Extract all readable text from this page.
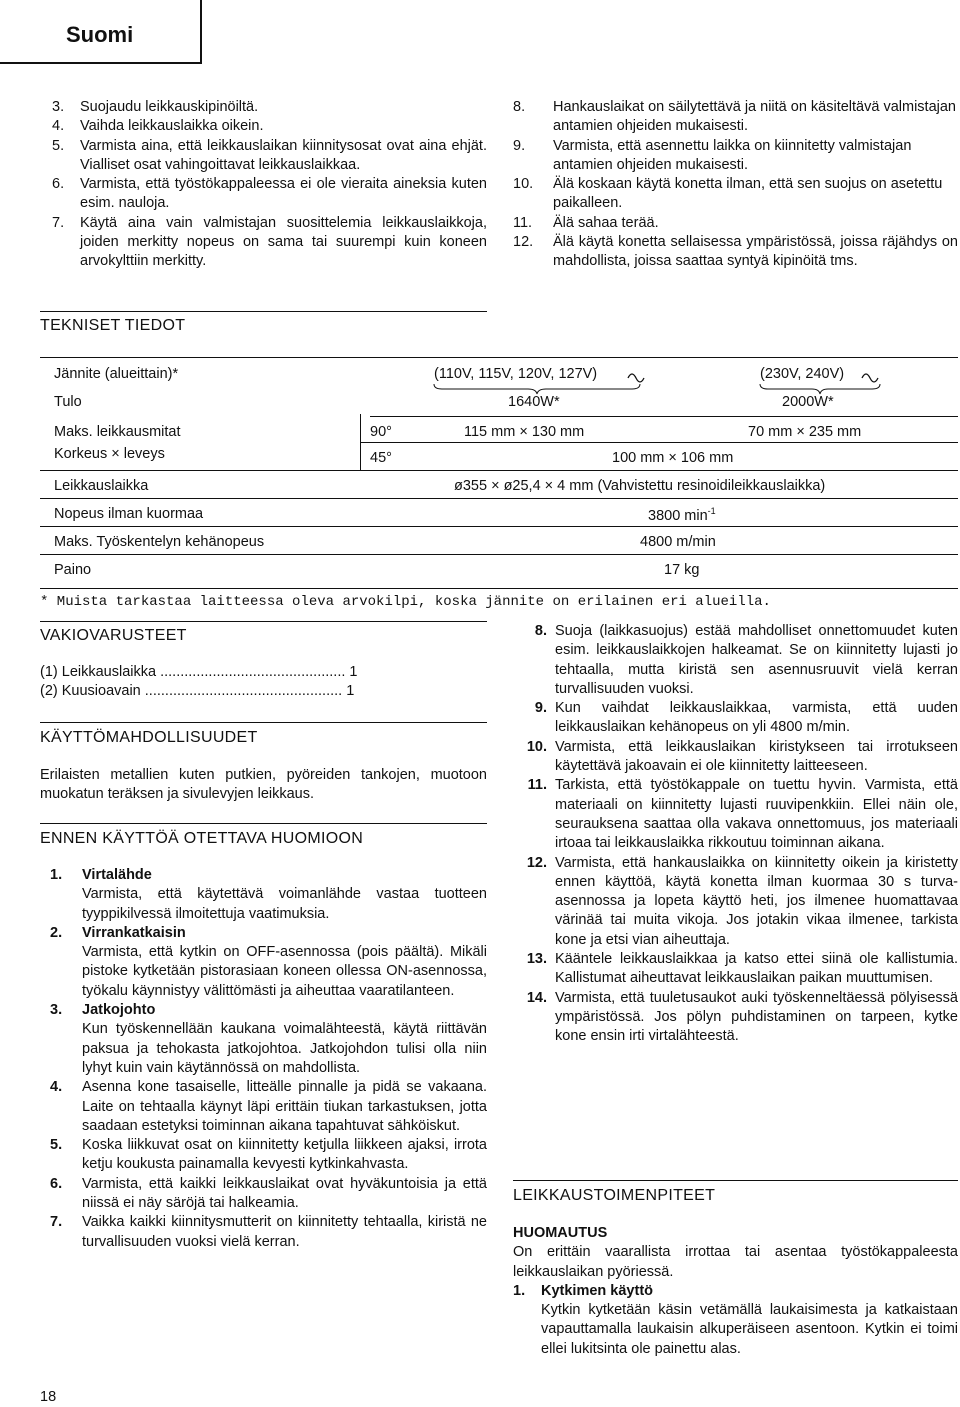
Suomi
3. Suojaudu leikkauskipinöiltä.
4. Vaihda leikkauslaikka oikein.
5. Varmista aina, että leikkauslaikan kiinnitysosat ovat aina ehjät. Vialliset osat vahingoittavat leikkauslaikkaa.
6. Varmista, että työstökappaleessa ei ole vieraita aineksia kuten esim. nauloja.
7. Käytä aina vain valmistajan suosittelemia leikkauslaikkoja, joiden merkitty nopeus on sama tai suurempi kuin koneen arvokylttiin merkitty.
8. Hankauslaikat on säilytettävä ja niitä on käsiteltävä valmistajan antamien ohjeiden mukaisesti.
9. Varmista, että asennettu laikka on kiinnitetty valmistajan antamien ohjeiden mukaisesti.
10. Älä koskaan käytä konetta ilman, että sen suojus on asetettu paikalleen.
11. Älä sahaa terää.
12. Älä käytä konetta sellaisessa ympäristössä, joissa räjähdys on mahdollista, joissa saattaa syntyä kipinöitä tms.
TEKNISET TIEDOT
Jännite (alueittain)*	(110V, 115V, 120V, 127V)	(230V, 240V)
Tulo	1640W*	2000W*
Maks. leikkausmitat	90°	115 mm × 130 mm	70 mm × 235 mm
Korkeus × leveys	45°	100 mm × 106 mm
Leikkauslaikka	ø355 × ø25,4 × 4 mm (Vahvistettu resinoidileikkauslaikka)
Nopeus ilman kuormaa	3800 $\min^{-1}$
Maks. Työskentelyn kehänopeus	4800 m/min
Paino	17 kg
* Muista tarkastaa laitteessa oleva arvokilpi, koska jännite on erilainen eri alueilla.
VAKIOVARUSTEET
(1) Leikkauslaikka .............................................. 1
(2) Kuusioavain ................................................. 1
KÄYTTÖMAHDOLLISUUDET
Erilaisten metallien kuten putkien, pyöreiden tankojen, muotoon muokatun teräksen ja sivulevyjen leikkaus.
ENNEN KÄYTTÖÄ OTETTAVA HUOMIOON
1. Virtalähde
Varmista, että käytettävä voimanlähde vastaa tuotteen tyyppikilvessä ilmoitettuja vaatimuksia.
2. Virrankatkaisin
Varmista, että kytkin on OFF-asennossa (pois päältä). Mikäli pistoke kytketään pistorasiaan koneen ollessa ON-asennossa, työkalu käynnistyy välittömästi ja aiheuttaa vaaratilanteen.
3. Jatkojohto
Kun työskennellään kaukana voimalähteestä, käytä riittävän paksua ja tehokasta jatkojohtoa. Jatkojohdon tulisi olla niin lyhyt kuin vain käytännössä on mahdollista.
4. Asenna kone tasaiselle, litteälle pinnalle ja pidä se vakaana. Laite on tehtaalla käynyt läpi erittäin tiukan tarkastuksen, jotta saadaan estetyksi toiminnan aikana tapahtuvat sähköiskut.
5. Koska liikkuvat osat on kiinnitetty ketjulla liikkeen ajaksi, irrota ketju koukusta painamalla kevyesti kytkinkahvasta.
6. Varmista, että kaikki leikkauslaikat ovat hyväkuntoisia ja että niissä ei näy säröjä tai halkeamia.
7. Vaikka kaikki kiinnitysmutterit on kiinnitetty tehtaalla, kiristä ne turvallisuuden vuoksi vielä kerran.
8. Suoja (laikkasuojus) estää mahdolliset onnettomuudet kuten esim. leikkauslaikkojen halkeamat. Se on kiinnitetty lujasti jo tehtaalla, mutta kiristä sen asennusruuvit vielä kerran turvallisuuden vuoksi.
9. Kun vaihdat leikkauslaikkaa, varmista, että uuden leikkauslaikan kehänopeus on yli 4800 m/min.
10. Varmista, että leikkauslaikan kiristykseen tai irrotukseen käytettävä jakoavain ei ole kiinnitetty laitteeseen.
11. Tarkista, että työstökappale on tuettu hyvin. Varmista, että materiaali on kiinnitetty lujasti ruuvipenkkiin. Ellei näin ole, seurauksena saattaa olla vakava onnettomuus, jos materiaali irtoaa tai leikkauslaikka rikkoutuu toiminnan aikana.
12. Varmista, että hankauslaikka on kiinnitetty oikein ja kiristetty ennen käyttöä, käytä konetta ilman kuormaa 30 s turva-asennossa ja lopeta käyttö heti, jos ilmenee huomattavaa värinää tai muita vikoja. Jos jotakin vikaa ilmenee, tarkista kone ja etsi vian aiheuttaja.
13. Kääntele leikkauslaikkaa ja katso ettei siinä ole kallistumia. Kallistumat aiheuttavat leikkauslaikan paikan muuttumisen.
14. Varmista, että tuuletusaukot auki työskenneltäessä pölyisessä ympäristössä. Jos pölyn puhdistaminen on tarpeen, kytke kone ensin irti virtalähteestä.
LEIKKAUSTOIMENPITEET
HUOMAUTUS
On erittäin vaarallista irrottaa tai asentaa työstökappaleesta leikkauslaikan pyöriessä.
1. Kytkimen käyttö
Kytkin kytketään käsin vetämällä laukaisimesta ja katkaistaan vapauttamalla laukaisin alkuperäiseen asentoon. Kytkin ei toimi ellei lukitsinta ole painettu alas.
18
